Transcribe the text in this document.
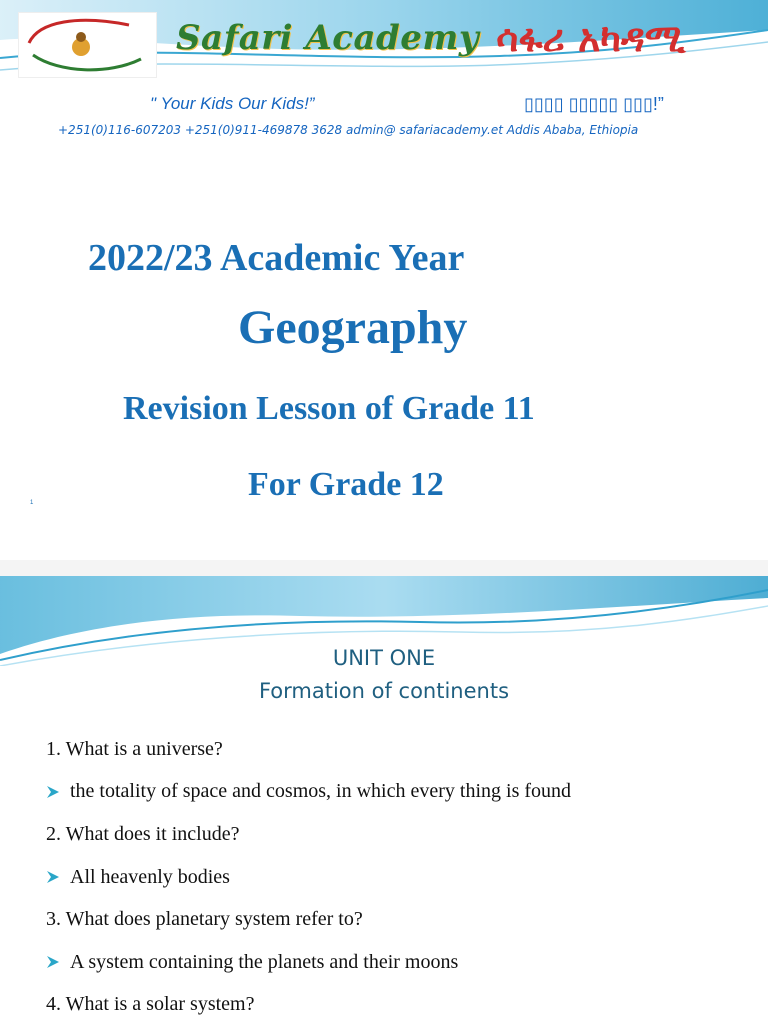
Safari Academy ሳፋሪ አካዳሚ
" Your Kids Our Kids!”	▯▯▯▯ ▯▯▯▯▯ ▯▯▯!”
+251(0)116-607203 +251(0)911-469878 3628 admin@ safariacademy.et Addis Ababa, Ethiopia
2022/23 Academic Year
Geography
Revision Lesson of Grade 11
For Grade 12
1
UNIT ONE
Formation of continents
1. What is a universe?
the totality of space and cosmos, in which every thing is found
2. What does it include?
All heavenly bodies
3. What does planetary system refer to?
A system containing the planets and their moons
4. What is a solar system?
